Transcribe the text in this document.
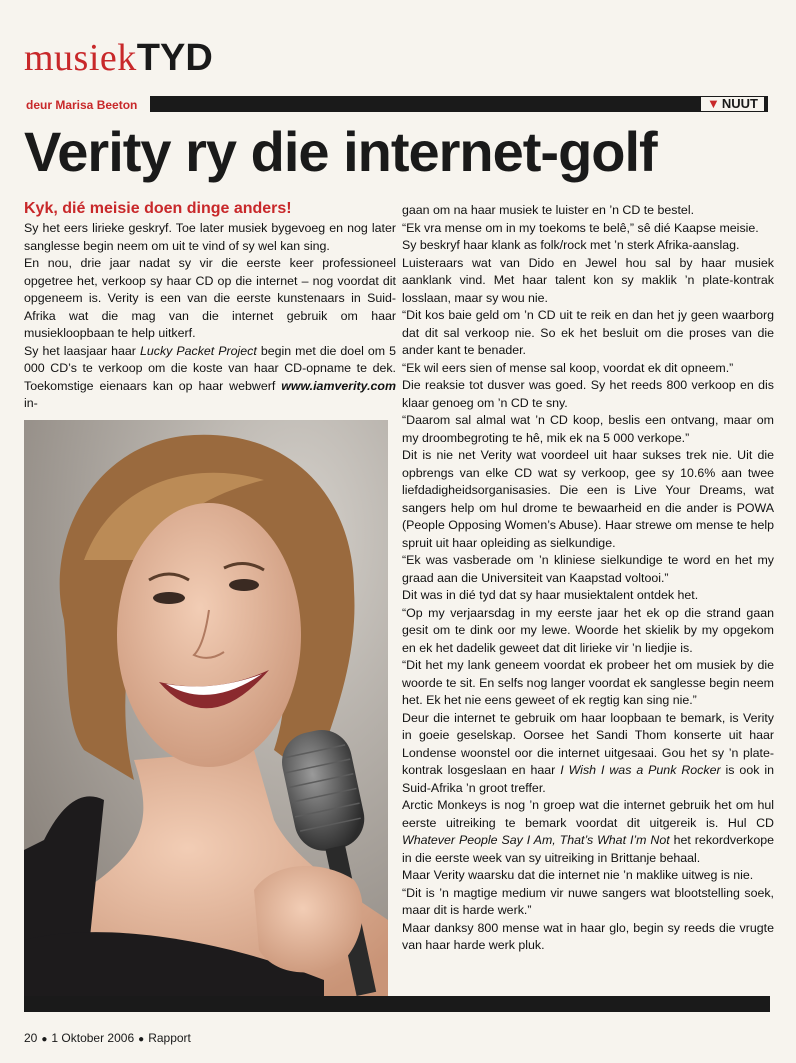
musiekTYD
deur Marisa Beeton	▼ NUUT
Verity ry die internet-golf
Kyk, dié meisie doen dinge anders!

Sy het eers lirieke geskryf. Toe later musiek bygevoeg en nog later sanglesse begin neem om uit te vind of sy wel kan sing.

En nou, drie jaar nadat sy vir die eerste keer professioneel opgetree het, verkoop sy haar CD op die internet – nog voordat dit opgeneem is. Verity is een van die eerste kunstenaars in Suid-Afrika wat die mag van die internet gebruik om haar musiekloopbaan te help uitkerf.

Sy het laasjaar haar Lucky Packet Project begin met die doel om 5 000 CD’s te verkoop om die koste van haar CD-opname te dek. Toekomstige eienaars kan op haar webwerf www.iamverity.com in-

gaan om na haar musiek te luister en ’n CD te bestel.

“Ek vra mense om in my toekoms te belê,” sê dié Kaapse meisie.

Sy beskryf haar klank as folk/rock met ’n sterk Afrika-aanslag.

Luisteraars wat van Dido en Jewel hou sal by haar musiek aanklank vind. Met haar talent kon sy maklik ’n plate-kontrak losslaan, maar sy wou nie.

“Dit kos baie geld om ’n CD uit te reik en dan het jy geen waarborg dat dit sal verkoop nie. So ek het besluit om die proses van die ander kant te benader.

“Ek wil eers sien of mense sal koop, voordat ek dit opneem.”

Die reaksie tot dusver was goed. Sy het reeds 800 verkoop en dis klaar genoeg om ’n CD te sny.

“Daarom sal almal wat ’n CD koop, beslis een ontvang, maar om my droombegroting te hê, mik ek na 5 000 verkope.”

Dit is nie net Verity wat voordeel uit haar sukses trek nie. Uit die opbrengs van elke CD wat sy verkoop, gee sy 10.6% aan twee liefdadigheidsorganisasies. Die een is Live Your Dreams, wat sangers help om hul drome te bewaarheid en die ander is POWA (People Opposing Women’s Abuse). Haar strewe om mense te help spruit uit haar opleiding as sielkundige.

“Ek was vasberade om ’n kliniese sielkundige te word en het my graad aan die Universiteit van Kaapstad voltooi.”

Dit was in dié tyd dat sy haar musiektalent ontdek het.

“Op my verjaarsdag in my eerste jaar het ek op die strand gaan gesit om te dink oor my lewe. Woorde het skielik by my opgekom en ek het dadelik geweet dat dit lirieke vir ’n liedjie is.

“Dit het my lank geneem voordat ek probeer het om musiek by die woorde te sit. En selfs nog langer voordat ek sanglesse begin neem het. Ek het nie eens geweet of ek regtig kan sing nie.”

Deur die internet te gebruik om haar loopbaan te bemark, is Verity in goeie geselskap. Oorsee het Sandi Thom konserte uit haar Londense woonstel oor die internet uitgesaai. Gou het sy ’n plate-kontrak losgeslaan en haar I Wish I was a Punk Rocker is ook in Suid-Afrika ’n groot treffer.

Arctic Monkeys is nog ’n groep wat die internet gebruik het om hul eerste uitreiking te bemark voordat dit uitgereik is. Hul CD Whatever People Say I Am, That’s What I’m Not het rekordverkope in die eerste week van sy uitreiking in Brittanje behaal.

Maar Verity waarsku dat die internet nie ’n maklike uitweg is nie.

“Dit is ’n magtige medium vir nuwe sangers wat blootstelling soek, maar dit is harde werk.”

Maar danksy 800 mense wat in haar glo, begin sy reeds die vrugte van haar harde werk pluk.

20 ● 1 Oktober 2006 ● Rapport
